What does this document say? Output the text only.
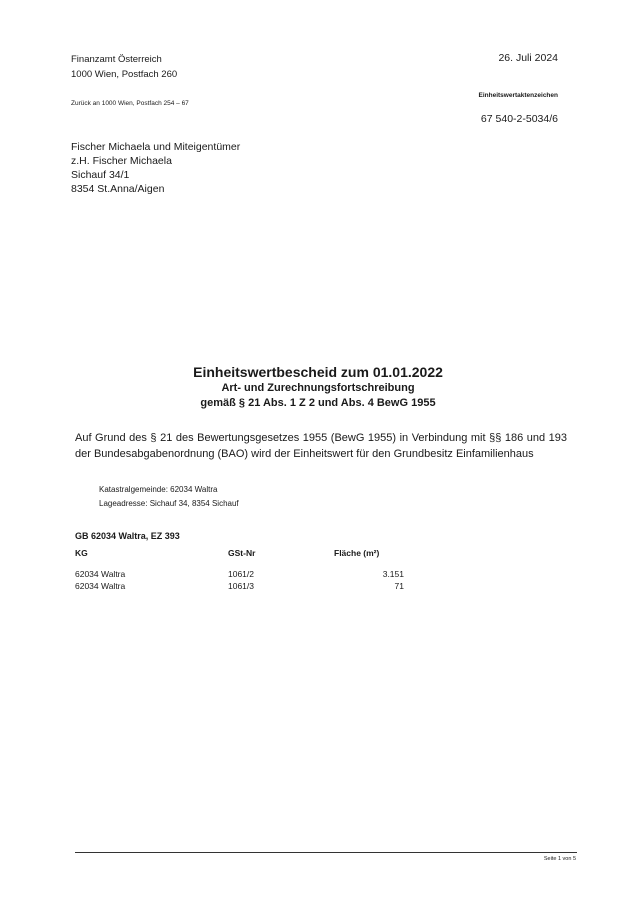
Finanzamt Österreich
1000 Wien, Postfach 260
Zurück an 1000 Wien, Postfach 254 – 67
26. Juli 2024
Einheitswertaktenzeichen
67 540-2-5034/6
Fischer Michaela und Miteigentümer
z.H. Fischer Michaela
Sichauf 34/1
8354 St.Anna/Aigen
Einheitswertbescheid zum 01.01.2022
Art- und Zurechnungsfortschreibung
gemäß § 21 Abs. 1 Z 2 und Abs. 4 BewG 1955
Auf Grund des § 21 des Bewertungsgesetzes 1955 (BewG 1955) in Verbindung mit §§ 186 und 193 der Bundesabgabenordnung (BAO) wird der Einheitswert für den Grundbesitz Einfamilienhaus
Katastralgemeinde: 62034 Waltra
Lageadresse: Sichauf 34, 8354 Sichauf
GB 62034 Waltra, EZ 393
KG	GSt-Nr	Fläche (m²)

62034 Waltra	1061/2	3.151
62034 Waltra	1061/3	71
Seite 1 von 5
